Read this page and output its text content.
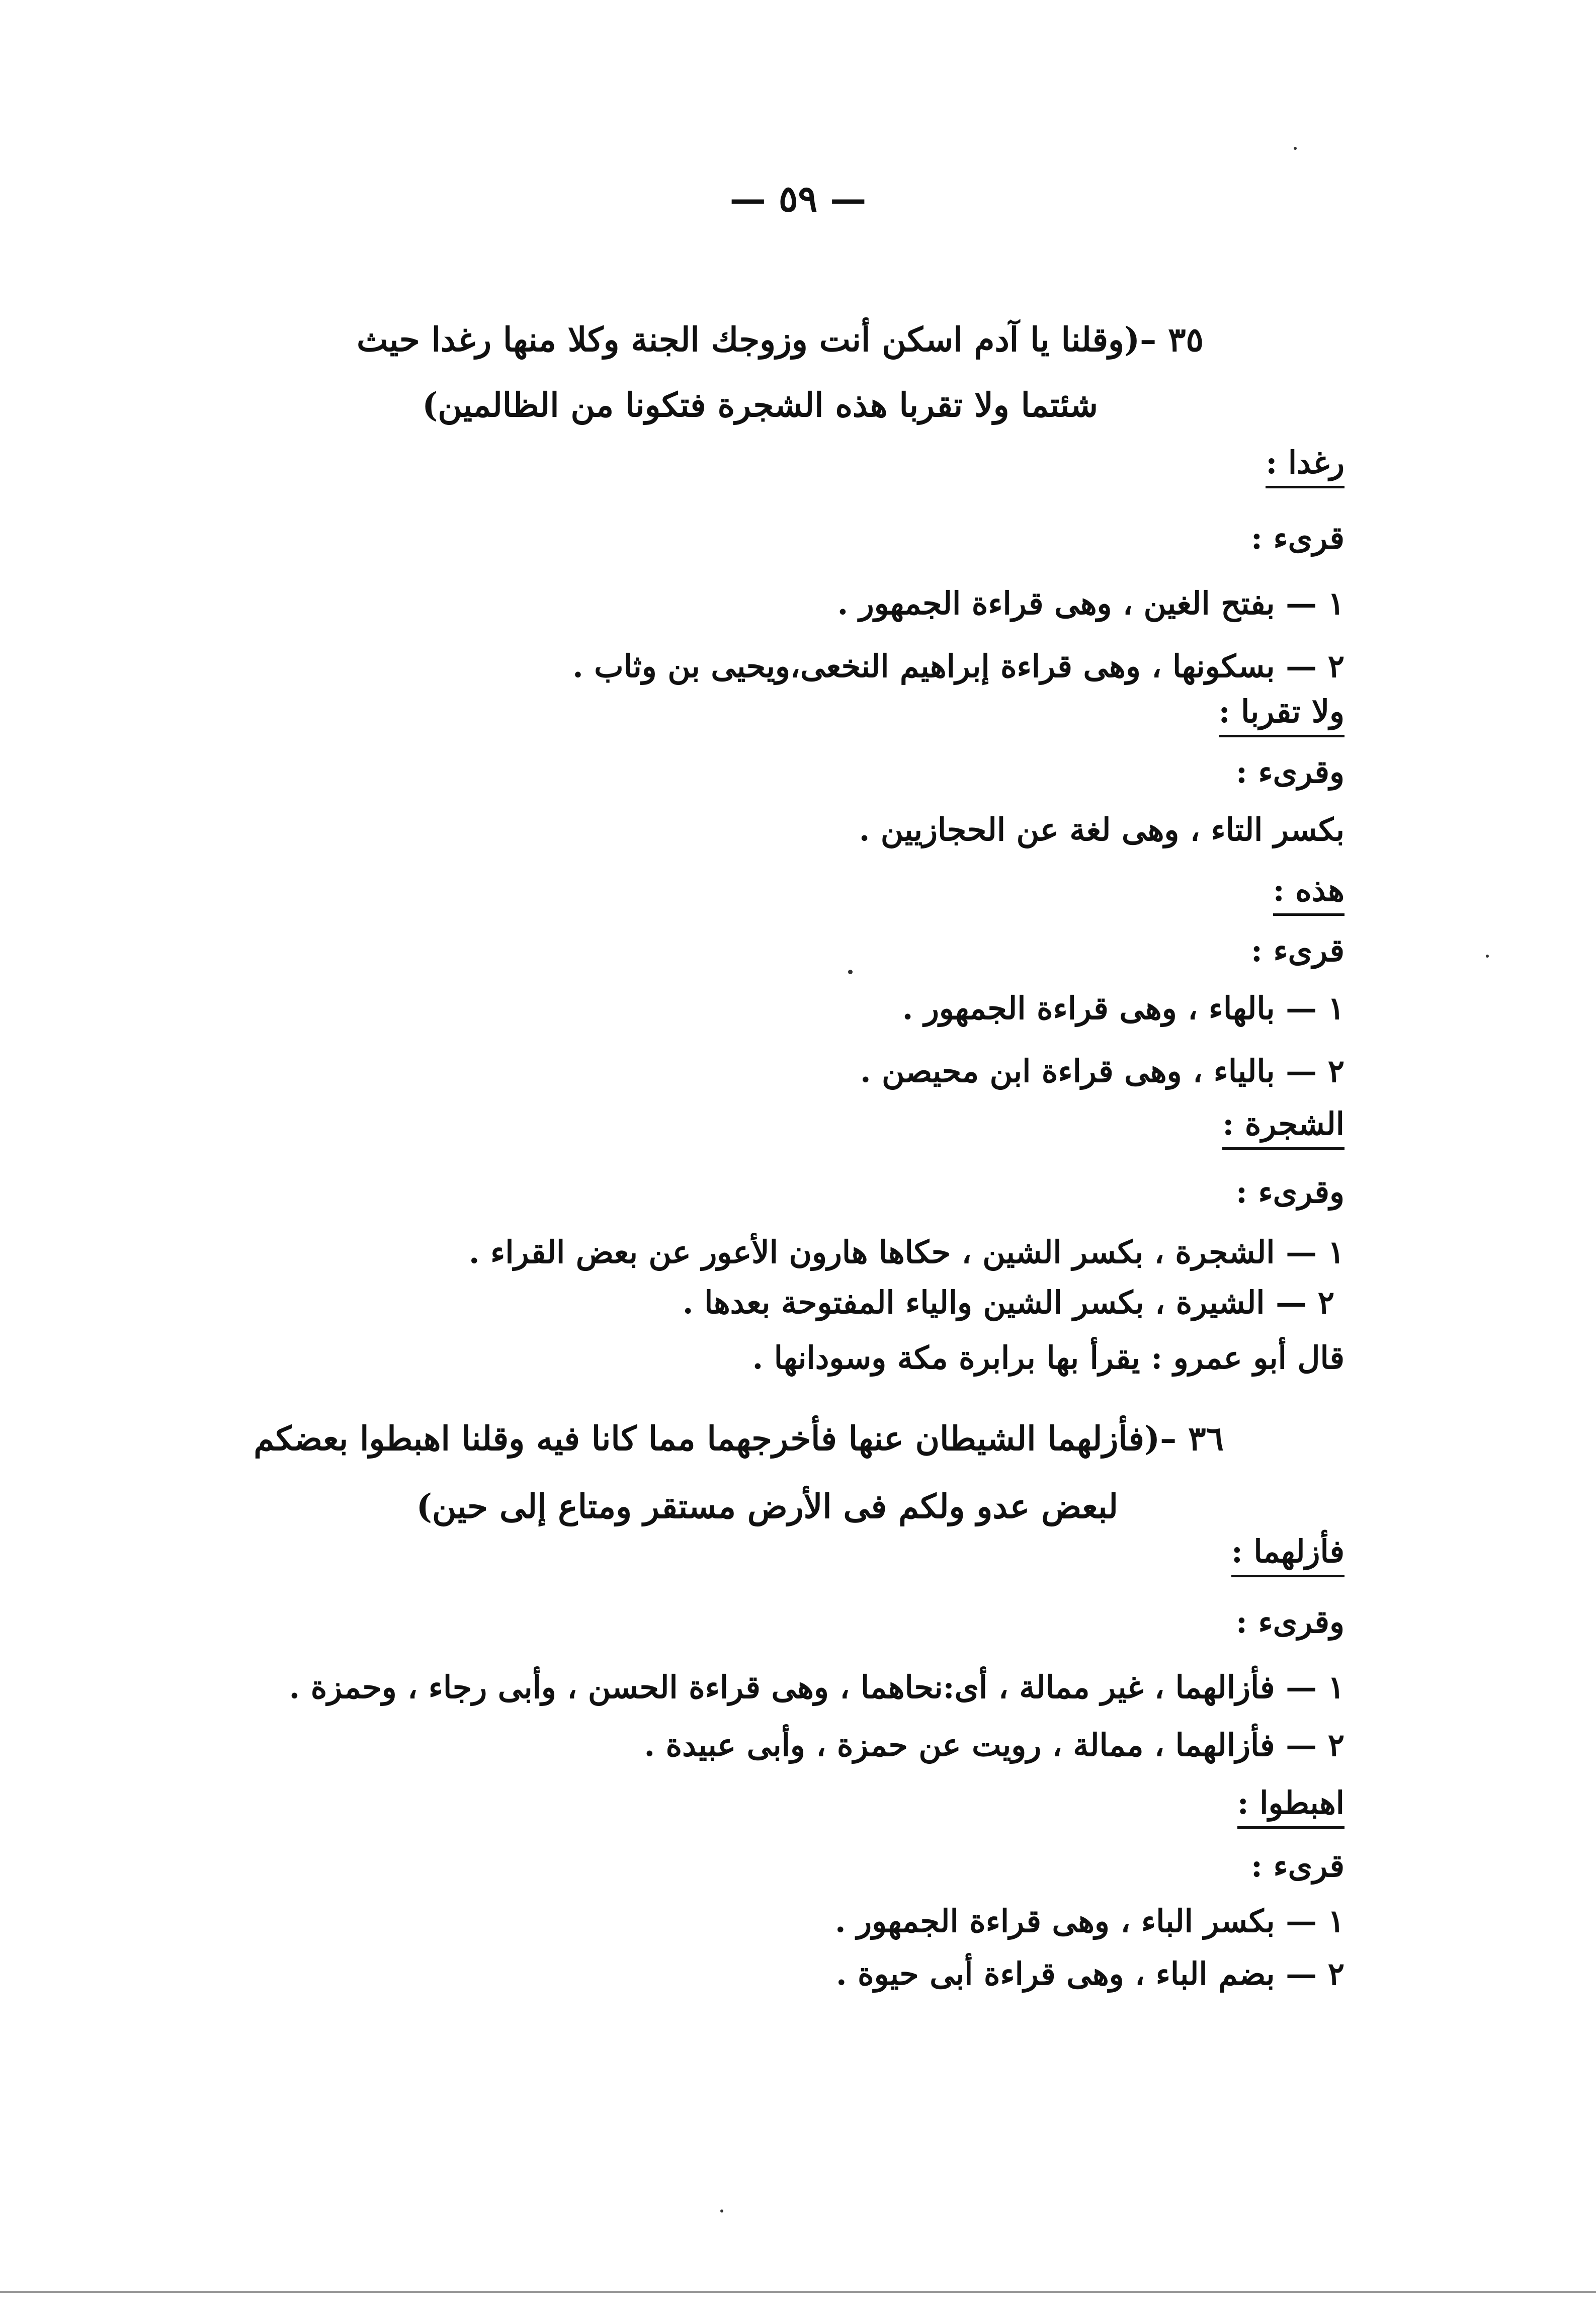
— ٥٩ —
٣٥ –(وقلنا يا آدم اسكن أنت وزوجك الجنة وكلا منها رغدا حيث
شئتما ولا تقربا هذه الشجرة فتكونا من الظالمين)
رغدا :
قرىء :
١ — بفتح الغين ، وهى قراءة الجمهور .
٢ — بسكونها ، وهى قراءة إبراهيم النخعى،ويحيى بن وثاب .
ولا تقربا :
وقرىء :
بكسر التاء ، وهى لغة عن الحجازيين .
هذه :
قرىء :
١ — بالهاء ، وهى قراءة الجمهور .
٢ — بالياء ، وهى قراءة ابن محيصن .
الشجرة :
وقرىء :
١ — الشجرة ، بكسر الشين ، حكاها هارون الأعور عن بعض القراء .
٢ — الشيرة ، بكسر الشين والياء المفتوحة بعدها .
قال أبو عمرو : يقرأ بها برابرة مكة وسودانها .
٣٦ –(فأزلهما الشيطان عنها فأخرجهما مما كانا فيه وقلنا اهبطوا بعضكم
لبعض عدو ولكم فى الأرض مستقر ومتاع إلى حين)
فأزلهما :
وقرىء :
١ — فأزالهما ، غير ممالة ، أى:نحاهما ، وهى قراءة الحسن ، وأبى رجاء ، وحمزة .
٢ — فأزالهما ، ممالة ، رويت عن حمزة ، وأبى عبيدة .
اهبطوا :
قرىء :
١ — بكسر الباء ، وهى قراءة الجمهور .
٢ — بضم الباء ، وهى قراءة أبى حيوة .
